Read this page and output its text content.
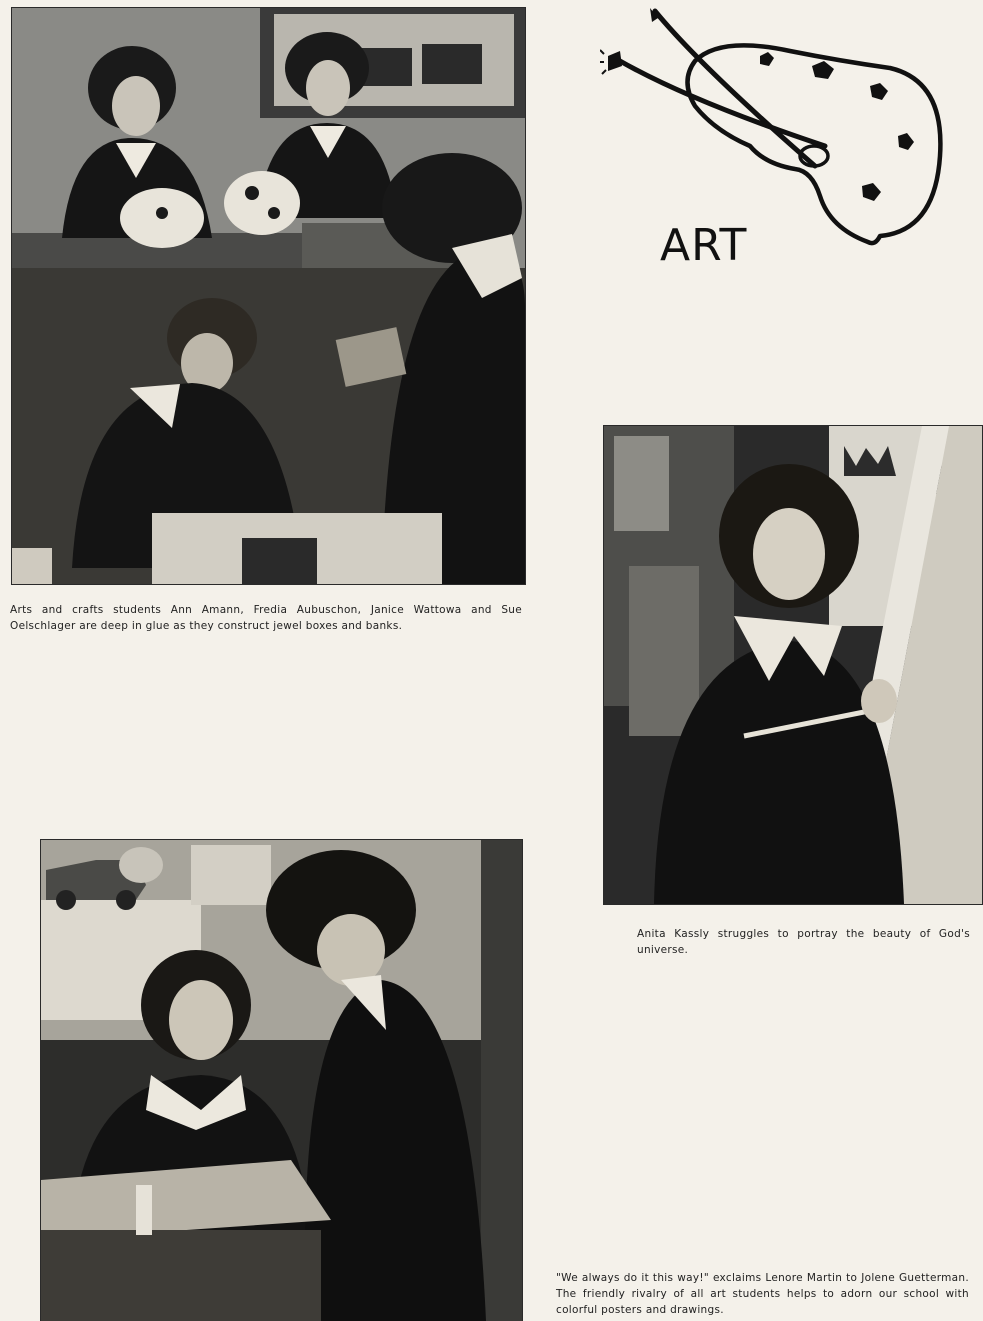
Arts and crafts students Ann Amann, Fredia Aubuschon, Janice Wattowa and Sue Oelschlager are deep in glue as they construct jewel boxes and banks.
ART
Anita Kassly struggles to portray the beauty of God's universe.
"We always do it this way!" exclaims Lenore Martin to Jolene Guetterman. The friendly rivalry of all art students helps to adorn our school with colorful posters and drawings.
